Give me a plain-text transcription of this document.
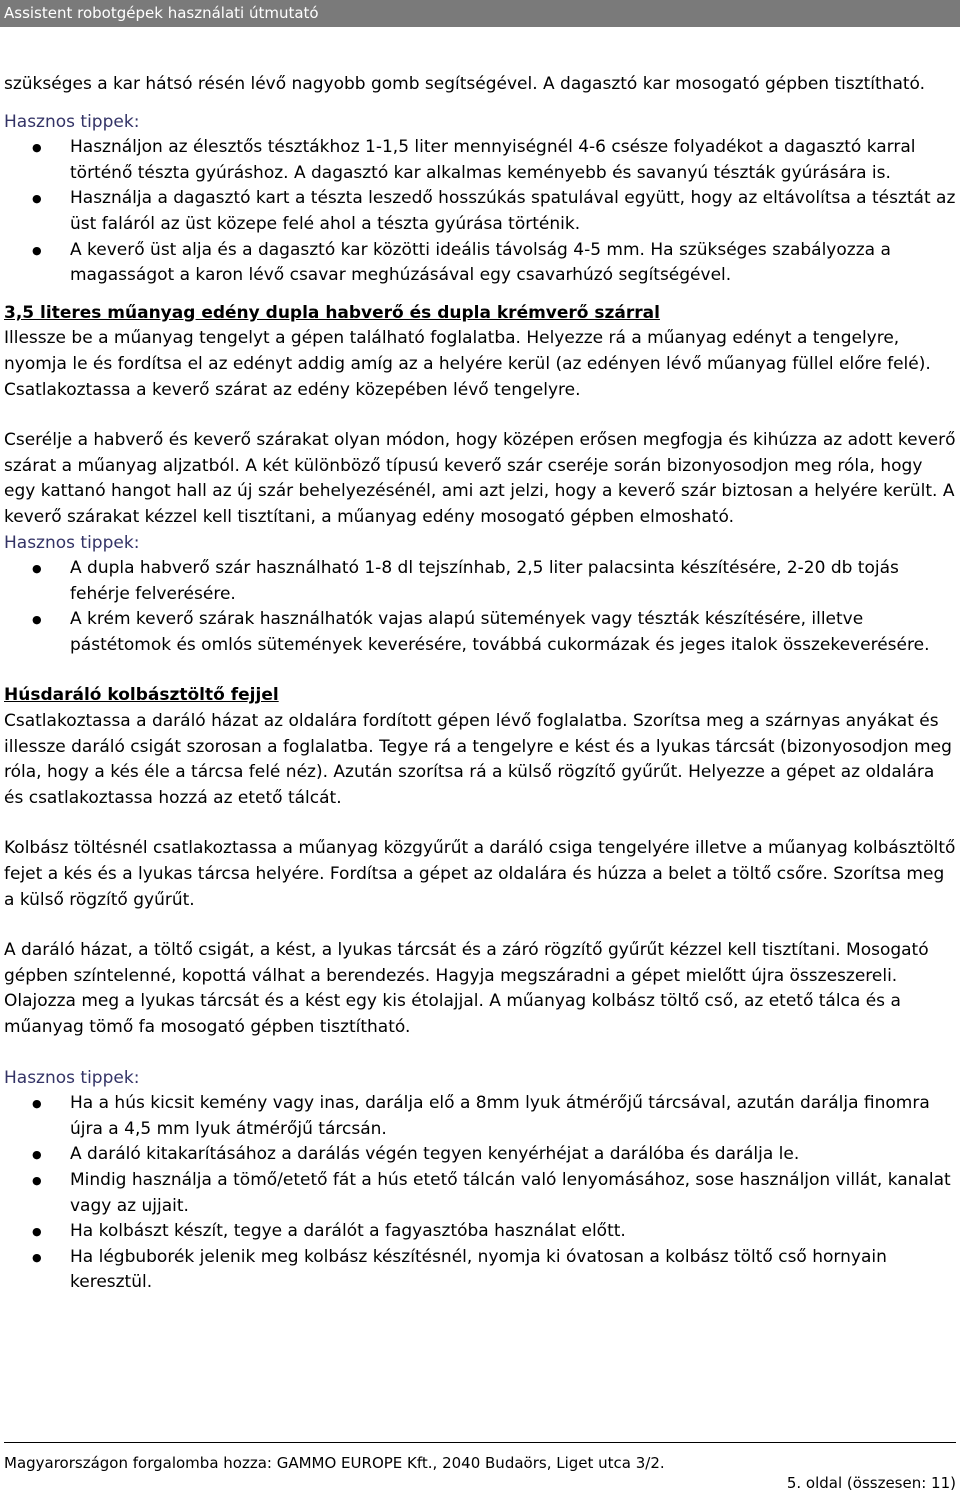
Assistent robotgépek használati útmutató

szükséges a kar hátsó résén lévő nagyobb gomb segítségével. A dagasztó kar mosogató gépben tisztítható.

Hasznos tippek:

● Használjon az élesztős tésztákhoz 1-1,5 liter mennyiségnél 4-6 csésze folyadékot a dagasztó karral történő tészta gyúráshoz. A dagasztó kar alkalmas keményebb és savanyú tészták gyúrására is.
● Használja a dagasztó kart a tészta leszedő hosszúkás spatulával együtt, hogy az eltávolítsa a tésztát az üst faláról az üst közepe felé ahol a tészta gyúrása történik.
● A keverő üst alja és a dagasztó kar közötti ideális távolság 4-5 mm. Ha szükséges szabályozza a magasságot a karon lévő csavar meghúzásával egy csavarhúzó segítségével.

3,5 literes műanyag edény dupla habverő és dupla krémverő szárral

Illessze be a műanyag tengelyt a gépen található foglalatba. Helyezze rá a műanyag edényt a tengelyre, nyomja le és fordítsa el az edényt addig amíg az a helyére kerül (az edényen lévő műanyag füllel előre felé). Csatlakoztassa a keverő szárat az edény közepében lévő tengelyre.

Cserélje a habverő és keverő szárakat olyan módon, hogy középen erősen megfogja és kihúzza az adott keverő szárat a műanyag aljzatból. A két különböző típusú keverő szár cseréje során bizonyosodjon meg róla, hogy egy kattanó hangot hall az új szár behelyezésénél, ami azt jelzi, hogy a keverő szár biztosan a helyére került. A keverő szárakat kézzel kell tisztítani, a műanyag edény mosogató gépben elmosható.

Hasznos tippek:

● A dupla habverő szár használható 1-8 dl tejszínhab, 2,5 liter palacsinta készítésére, 2-20 db tojás fehérje felverésére.
● A krém keverő szárak használhatók vajas alapú sütemények vagy tészták készítésére, illetve pástétomok és omlós sütemények keverésére, továbbá cukormázak és jeges italok összekeverésére.

Húsdaráló kolbásztöltő fejjel

Csatlakoztassa a daráló házat az oldalára fordított gépen lévő foglalatba. Szorítsa meg a szárnyas anyákat és illessze daráló csigát szorosan a foglalatba. Tegye rá a tengelyre e kést és a lyukas tárcsát (bizonyosodjon meg róla, hogy a kés éle a tárcsa felé néz). Azután szorítsa rá a külső rögzítő gyűrűt. Helyezze a gépet az oldalára és csatlakoztassa hozzá az etető tálcát.

Kolbász töltésnél csatlakoztassa a műanyag közgyűrűt a daráló csiga tengelyére illetve a műanyag kolbásztöltő fejet a kés és a lyukas tárcsa helyére. Fordítsa a gépet az oldalára és húzza a belet a töltő csőre. Szorítsa meg a külső rögzítő gyűrűt.

A daráló házat, a töltő csigát, a kést, a lyukas tárcsát és a záró rögzítő gyűrűt kézzel kell tisztítani. Mosogató gépben színtelenné, kopottá válhat a berendezés. Hagyja megszáradni a gépet mielőtt újra összeszereli. Olajozza meg a lyukas tárcsát és a kést egy kis étolajjal. A műanyag kolbász töltő cső, az etető tálca és a műanyag tömő fa mosogató gépben tisztítható.

Hasznos tippek:

● Ha a hús kicsit kemény vagy inas, darálja elő a 8mm lyuk átmérőjű tárcsával, azután darálja finomra újra a 4,5 mm lyuk átmérőjű tárcsán.
● A daráló kitakarításához a darálás végén tegyen kenyérhéjat a darálóba és darálja le.
● Mindig használja a tömő/etető fát a hús etető tálcán való lenyomásához, sose használjon villát, kanalat vagy az ujjait.
● Ha kolbászt készít, tegye a darálót a fagyasztóba használat előtt.
● Ha légbuborék jelenik meg kolbász készítésnél, nyomja ki óvatosan a kolbász töltő cső hornyain keresztül.
Magyarországon forgalomba hozza: GAMMO EUROPE Kft., 2040 Budaörs, Liget utca 3/2.
5. oldal (összesen: 11)
